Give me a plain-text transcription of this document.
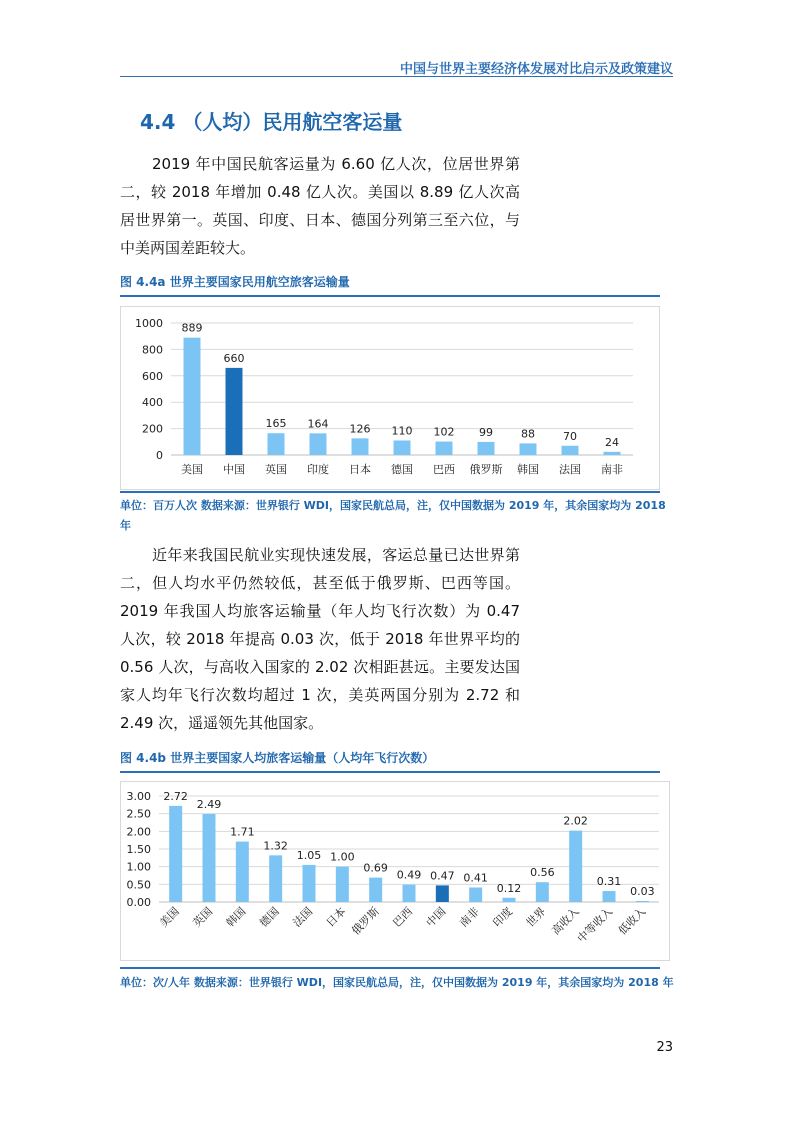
中国与世界主要经济体发展对比启示及政策建议
4.4 （人均）民用航空客运量

2019 年中国民航客运量为 6.60 亿人次，位居世界第二，较 2018 年增加 0.48 亿人次。美国以 8.89 亿人次高居世界第一。英国、印度、日本、德国分列第三至六位，与中美两国差距较大。

图 4.4a 世界主要国家民用航空旅客运输量
0
200
400
600
800
1000 889
美国
660
中国
165
英国
164
印度
126
日本
110
德国
102
巴西
99
俄罗斯
88
韩国
70
法国
24
南非
单位：百万人次 数据来源：世界银行 WDI，国家民航总局，注，仅中国数据为 2019 年，其余国家均为 2018 年

近年来我国民航业实现快速发展，客运总量已达世界第二，但人均水平仍然较低，甚至低于俄罗斯、巴西等国。2019 年我国人均旅客运输量（年人均飞行次数）为 0.47 人次，较 2018 年提高 0.03 次，低于 2018 年世界平均的 0.56 人次，与高收入国家的 2.02 次相距甚远。主要发达国家人均年飞行次数均超过 1 次，美英两国分别为 2.72 和 2.49 次，遥遥领先其他国家。

图 4.4b 世界主要国家人均旅客运输量（人均年飞行次数）
0.00
0.50
1.00
1.50
2.00
2.50
3.00 2.72
美国
2.49
英国
1.71
韩国
1.32
德国
1.05
法国
1.00
日本
0.69
俄罗斯
0.49
巴西
0.47
中国
0.41
南非
0.12
印度
0.56
世界
2.02
高收入
0.31
中等收入
0.03
低收入
单位：次/人年 数据来源：世界银行 WDI，国家民航总局，注，仅中国数据为 2019 年，其余国家均为 2018 年
23
